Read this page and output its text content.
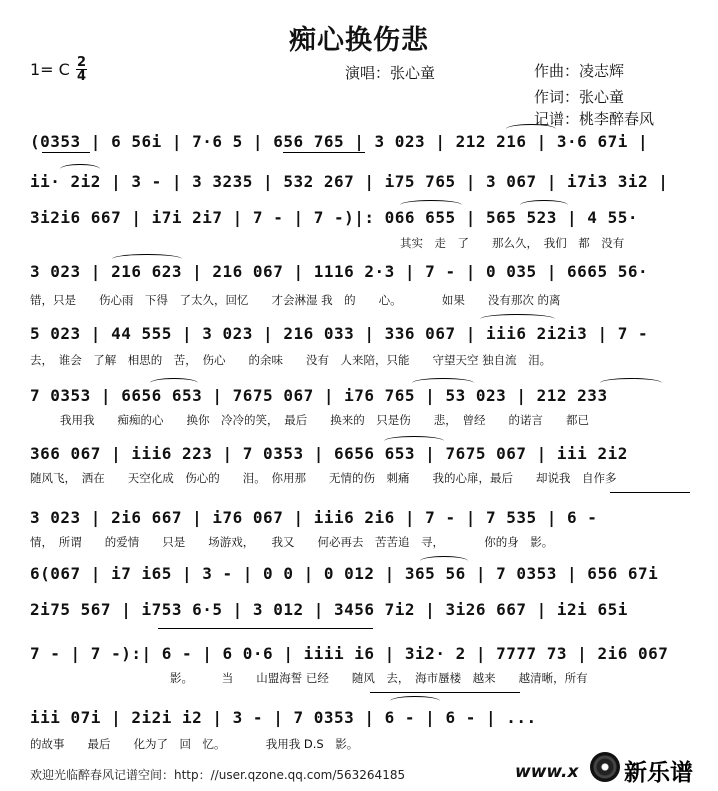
痴心换伤悲
1= C 2
4	演唱：张心童	作曲：凌志辉
作词：张心童
记谱：桃李醉春风
(0353 | 6 56i | 7·6 5 | 656 765 | 3 023 | 212 216 | 3·6 67i |
ii· 2i2 | 3 - | 3 3235 | 532 267 | i75 765 | 3 067 | i7i3 3i2 |
3i2i6 667 | i7i 2i7 | 7 - | 7 -)|: 066 655 | 565 523 | 4 55·
其实　走　了　　那么久，　我们　都　没有
3 023 | 216 623 | 216 067 | 1116 2·3 | 7 - | 0 035 | 6665 56·
错，只是　　伤心雨　下得　了太久，回忆　　才会淋湿 我　的　　心。　　　　如果　　没有那次 的离
5 023 | 44 555 | 3 023 | 216 033 | 336 067 | iii6 2i2i3 | 7 -
去，　谁会　了解　相思的　苦，　伤心　　的余味　　没有　人来陪，只能　　守望天空 独自流　泪。
7 0353 | 6656 653 | 7675 067 | i76 765 | 53 023 | 212 233
我用我　　痴痴的心　　换你　冷冷的笑，　最后　　换来的　只是伤　　悲，　曾经　　的诺言　　都已
366 067 | iii6 223 | 7 0353 | 6656 653 | 7675 067 | iii 2i2
随风飞，　洒在　　天空化成　伤心的　　泪。　你用那　　无情的伤　刺痛　　我的心扉，最后　　却说我　自作多
3 023 | 2i6 667 | i76 067 | iii6 2i6 | 7 - | 7 535 | 6 -
情，　所谓　　的爱情　　只是　　场游戏，　　我又　　何必再去　苦苦追　寻，　　　　你的身　影。
6(067 | i7 i65 | 3 - | 0 0 | 0 012 | 365 56 | 7 0353 | 656 67i
2i75 567 | i753 6·5 | 3 012 | 3456 7i2 | 3i26 667 | i2i 65i
7 - | 7 -):| 6 - | 6 0·6 | iiii i6 | 3i2· 2 | 7777 73 | 2i6 067
影。　　　当　　山盟海誓 已经　　随风　去，　海市蜃楼　越来　　越清晰，所有
iii 07i | 2i2i i2 | 3 - | 7 0353 | 6 - | 6 - | ...
的故事　　最后　　化为了　回　忆。　　　　我用我 D.S　影。
欢迎光临醉春风记谱空间：http：//user.qzone.qq.com/563264185	www.x 新乐谱
